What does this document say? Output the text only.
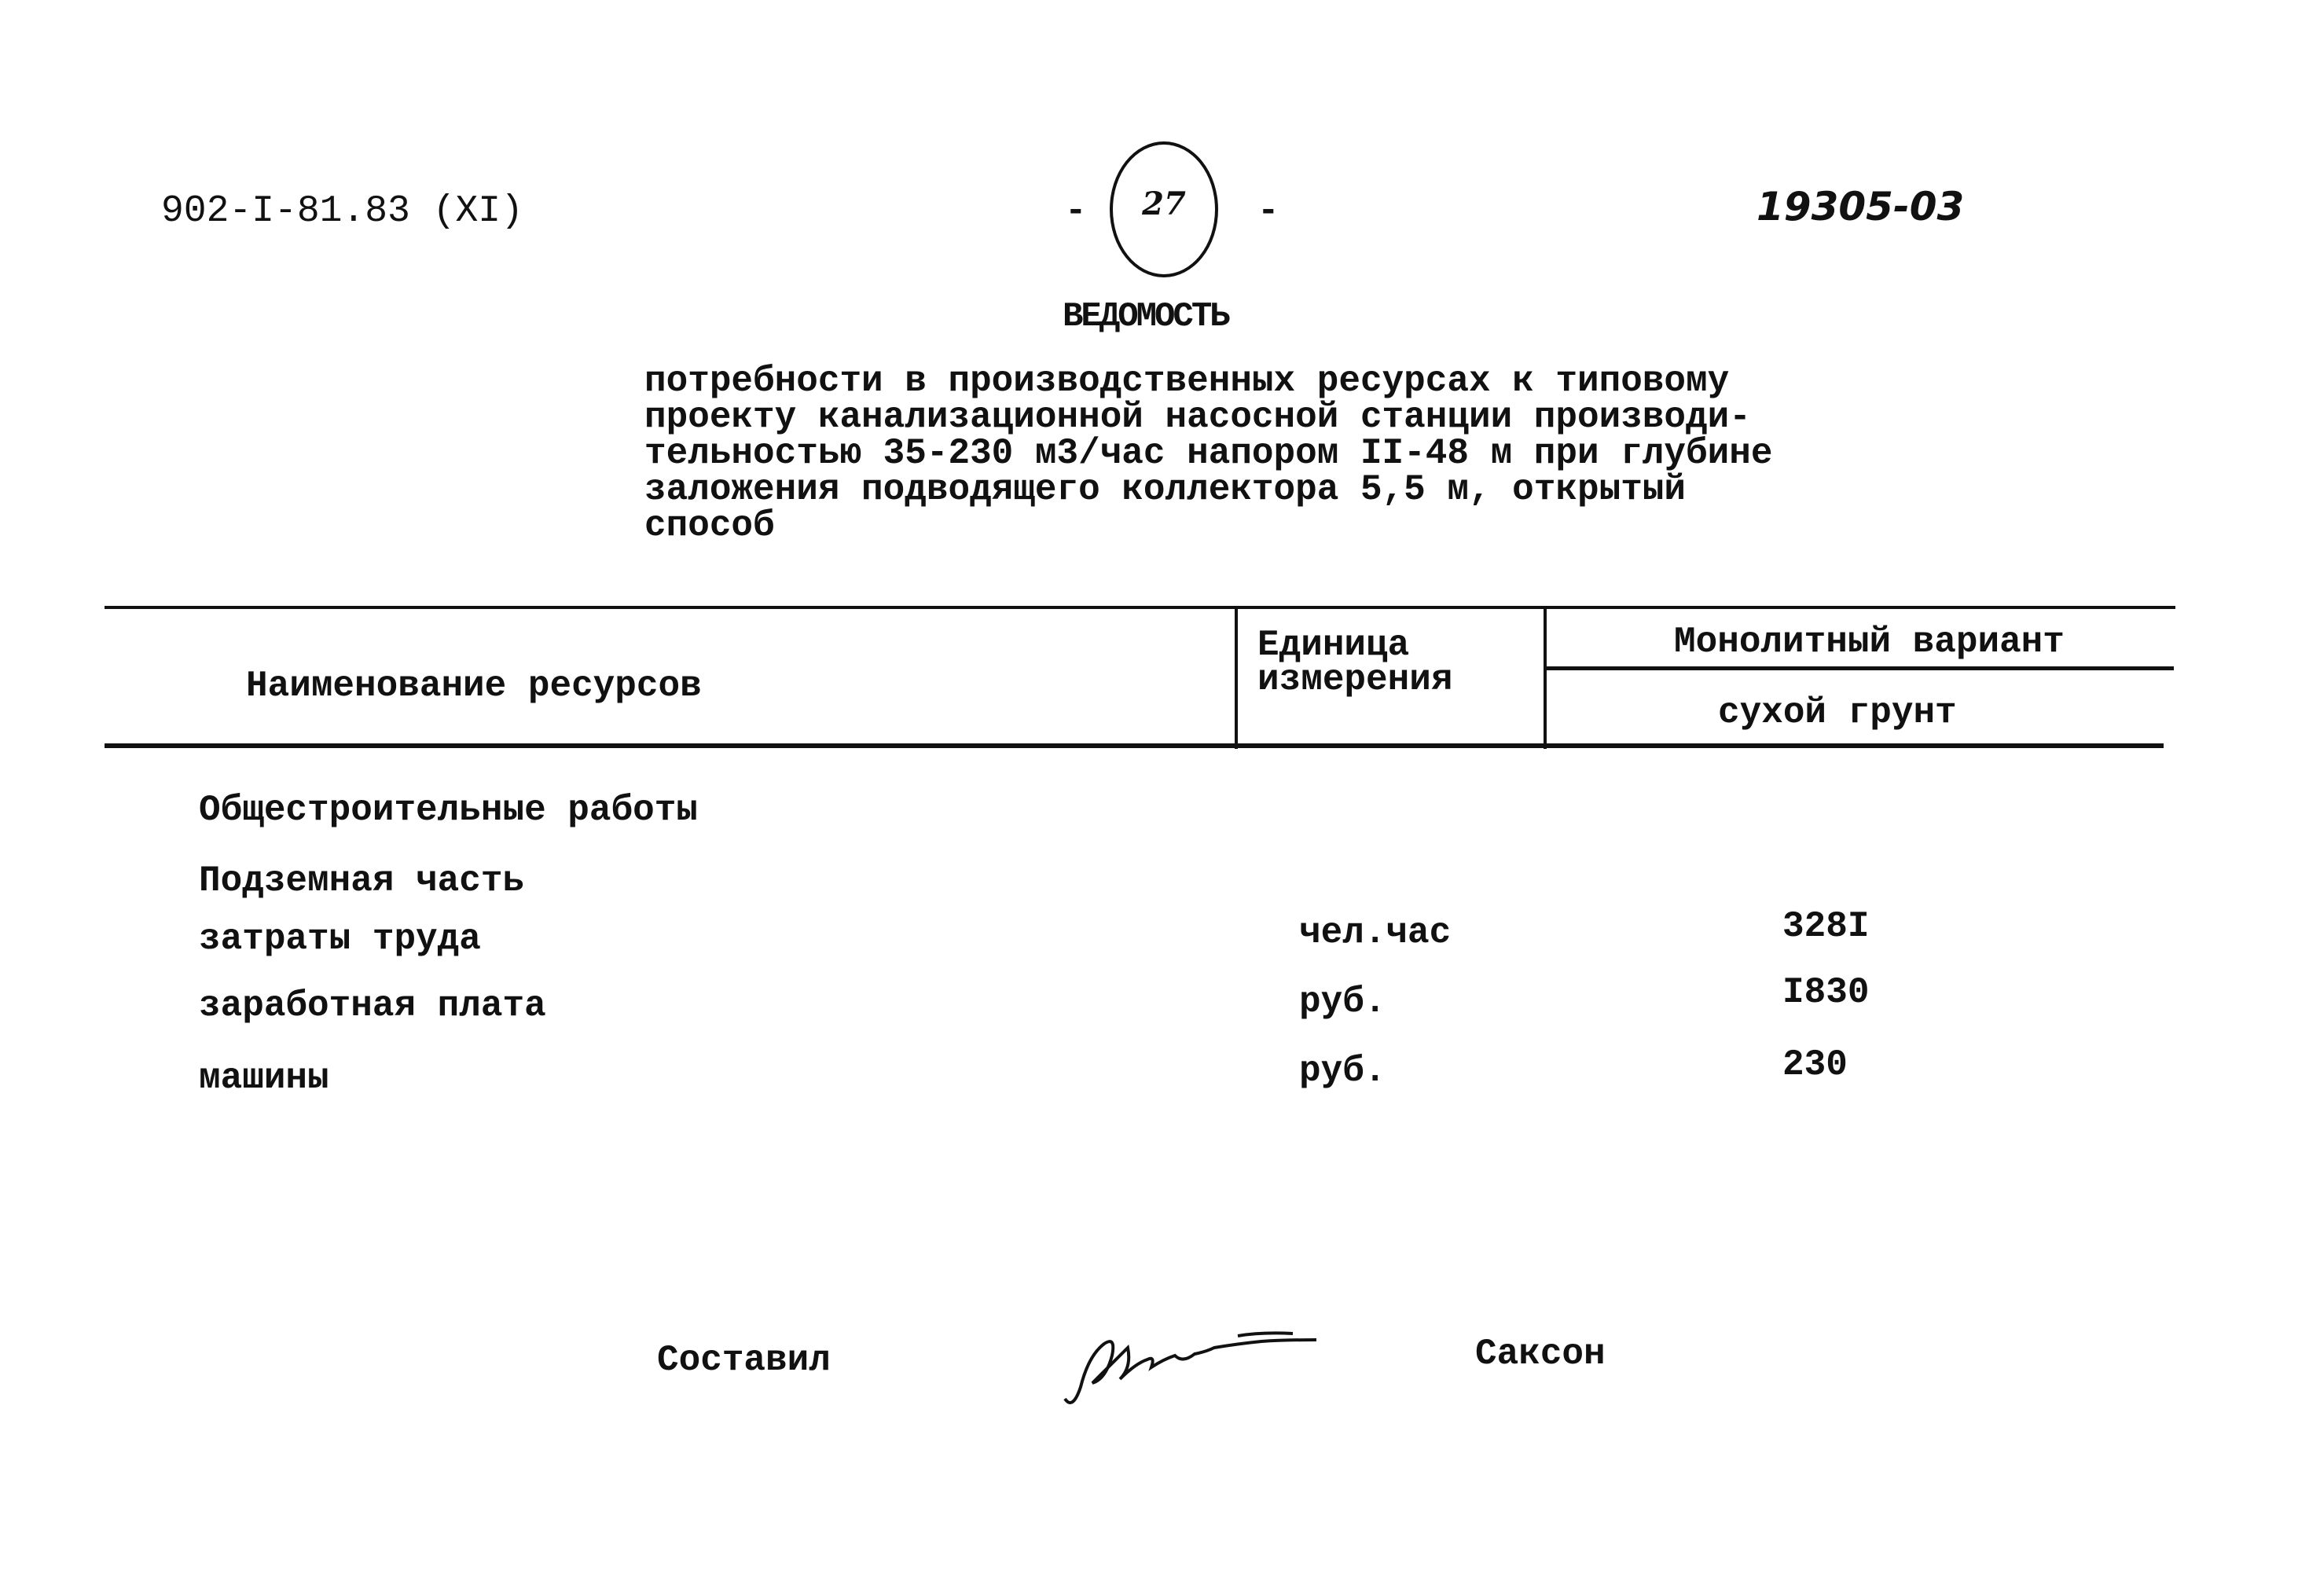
902-I-81.83 (XI)	-	27	-	19305-03
ВЕДОМОСТЬ
потребности в производственных ресурсах к типовому
проекту канализационной насосной станции производи-
тельностью 35-230 м3/час напором II-48 м при глубине
заложения подводящего коллектора 5,5 м, открытый
способ
Наименование ресурсов
Единица
измерения
Монолитный вариант
сухой грунт
Общестроительные работы
Подземная часть
затраты труда	чел.час	328I
заработная плата	руб.	I830
машины	руб.	230
Составил	Саксон
